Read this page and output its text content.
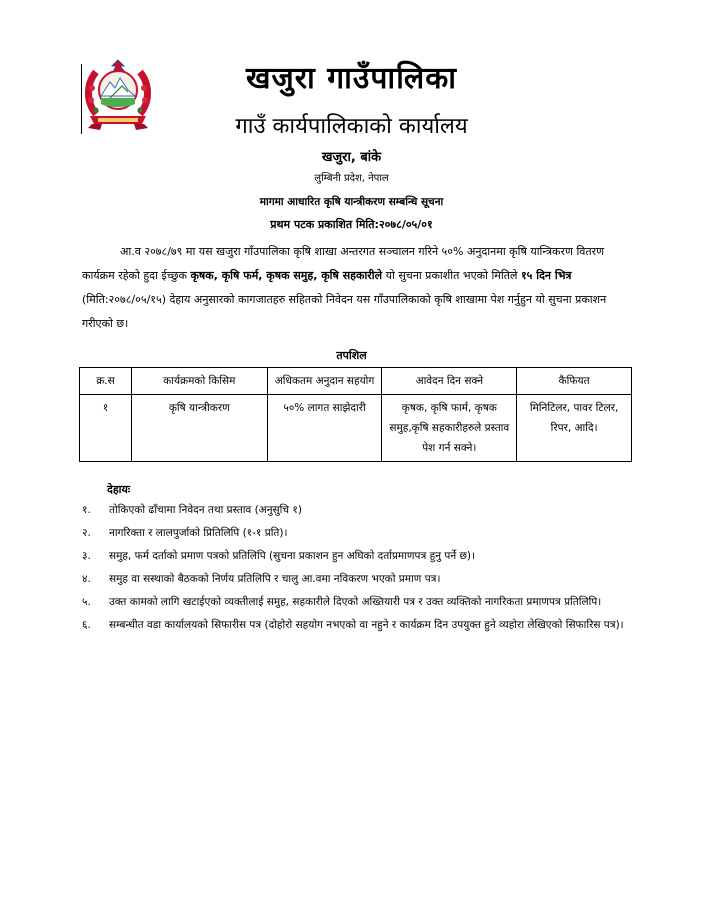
खजुरा गाउँपालिका
गाउँ कार्यपालिकाको कार्यालय
खजुरा, बांके
लुम्बिनी प्रदेश, नेपाल
मागमा आधारित कृषि यान्त्रीकरण सम्बन्धि सूचना
प्रथम पटक प्रकाशित मिति:२०७८/०५/०१

आ.व २०७८/७९ मा यस खजुरा गाँउपालिका कृषि शाखा अन्तरगत सञ्चालन गरिने ५०% अनुदानमा कृषि यान्त्रिकरण वितरण कार्यक्रम रहेको हुदा ईच्छुक कृषक, कृषि फर्म, कृषक समुह, कृषि सहकारीले यो सुचना प्रकाशीत भएको मितिले १५ दिन भित्र (मिति:२०७८/०५/१५) देहाय अनुसारको कागजातहरु सहितको निवेदन यस गाँउपालिकाको कृषि शाखामा पेश गर्नुहुन यो सुचना प्रकाशन गरीएको छ।

तपशिल
क्र.स	कार्यक्रमको किसिम	अधिकतम अनुदान सहयोग	आवेदन दिन सक्ने	कैफियत
१	कृषि यान्त्रीकरण	५०% लागत साझेदारी	कृषक, कृषि फार्म, कृषक समुह,कृषि सहकारीहरुले प्रस्ताव पेश गर्न सक्ने।	मिनिटिलर, पावर टिलर, रिपर, आदि।
देहायः
१.	तोकिएको ढाँचामा निवेदन तथा प्रस्ताव (अनुसुचि १)
२.	नागरिक्ता र लालपुर्जाको प्रितिलिपि (१-१ प्रति)।
३.	समुह, फर्म दर्ताको प्रमाण पत्रको प्रतिलिपि (सुचना प्रकाशन हुन अघिको दर्ताप्रमाणपत्र हुनु पर्ने छ)।
४.	समुह वा सस्थाको बैठकको निर्णय प्रतिलिपि र चालु आ.वमा नविकरण भएको प्रमाण पत्र।
५.	उक्त कामको लागि खटाईएको व्यक्तीलाई समुह, सहकारीले दिएको अख्तियारी पत्र र उक्त व्यक्तिको नागरिकता प्रमाणपत्र प्रतिलिपि।
६.	सम्बन्धीत वडा कार्यालयको सिफारीस पत्र (दोहोरो सहयोग नभएको वा नहुने र कार्यक्रम दिन उपयुक्त हुने व्यहोरा लेखिएको सिफारिस पत्र)।
